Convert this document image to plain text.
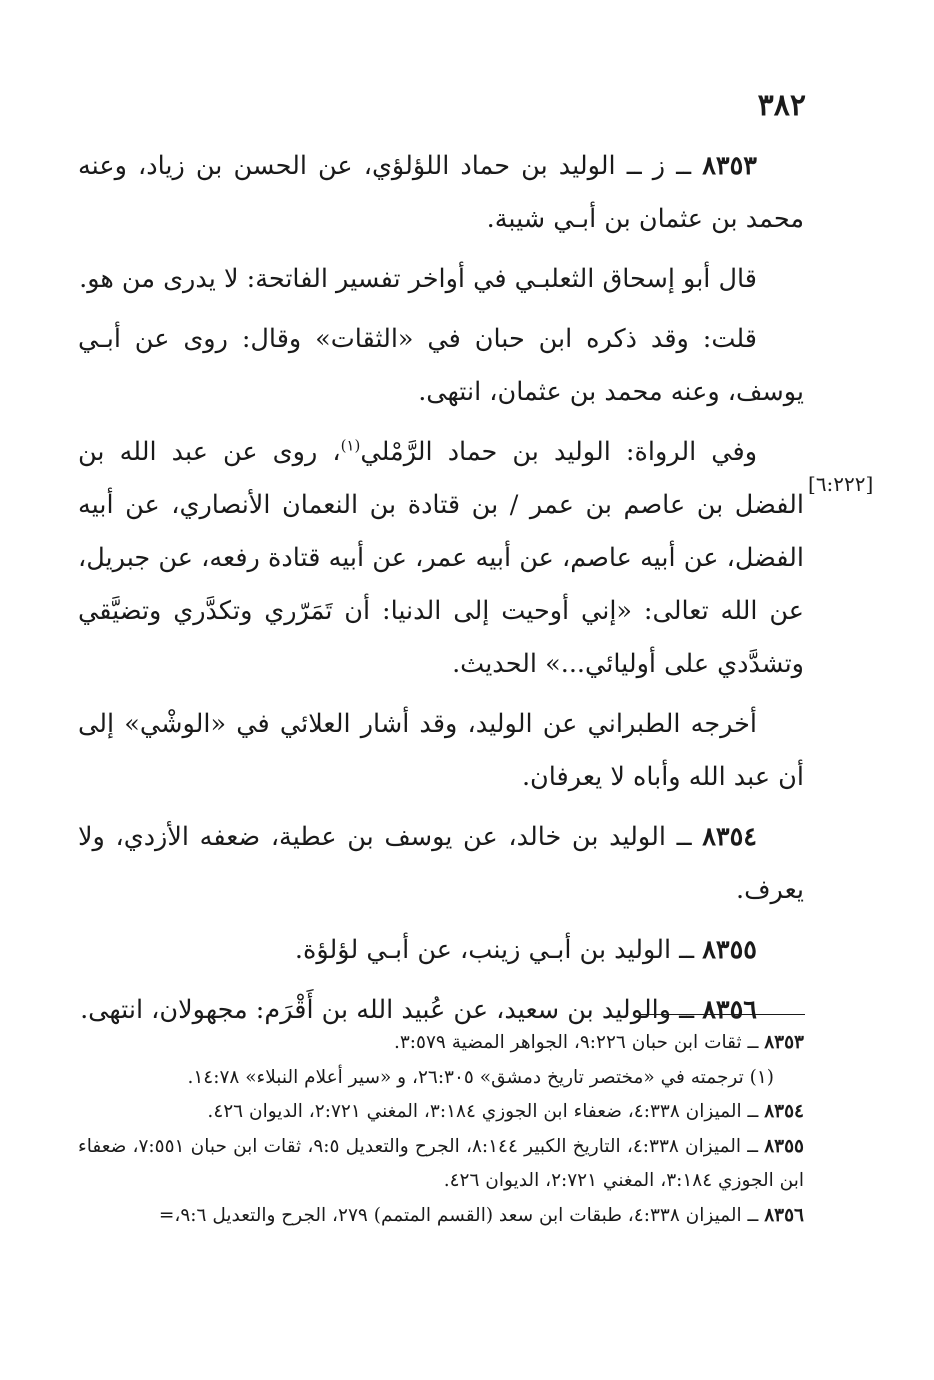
٣٨٢
[٦:٢٢٢]

٨٣٥٣ ــ ز ــ الوليد بن حماد اللؤلؤي، عن الحسن بن زياد، وعنه محمد بن عثمان بن أبـي شيبة.

قال أبو إسحاق الثعلبـي في أواخر تفسير الفاتحة: لا يدرى من هو.

قلت: وقد ذكره ابن حبان في «الثقات» وقال: روى عن أبـي يوسف، وعنه محمد بن عثمان، انتهى.

وفي الرواة: الوليد بن حماد الرَّمْلي$^{(١)}$، روى عن عبد الله بن الفضل بن عاصم بن عمر / بن قتادة بن النعمان الأنصاري، عن أبيه الفضل، عن أبيه عاصم، عن أبيه عمر، عن أبيه قتادة رفعه، عن جبريل، عن الله تعالى: «إني أوحيت إلى الدنيا: أن تَمَرّري وتكدَّري وتضيَّقي وتشدَّدي على أوليائي...» الحديث.

أخرجه الطبراني عن الوليد، وقد أشار العلائي في «الوشْي» إلى أن عبد الله وأباه لا يعرفان.

٨٣٥٤ ــ الوليد بن خالد، عن يوسف بن عطية، ضعفه الأزدي، ولا يعرف.

٨٣٥٥ ــ الوليد بن أبـي زينب، عن أبـي لؤلؤة.

٨٣٥٦ ــ والوليد بن سعيد، عن عُبيد الله بن أَقْرَم: مجهولان، انتهى.

٨٣٥٣ ــ ثقات ابن حبان ٩:٢٢٦، الجواهر المضية ٣:٥٧٩.

(١) ترجمته في «مختصر تاريخ دمشق» ٢٦:٣٠٥، و «سير أعلام النبلاء» ١٤:٧٨.

٨٣٥٤ ــ الميزان ٤:٣٣٨، ضعفاء ابن الجوزي ٣:١٨٤، المغني ٢:٧٢١، الديوان ٤٢٦.

٨٣٥٥ ــ الميزان ٤:٣٣٨، التاريخ الكبير ٨:١٤٤، الجرح والتعديل ٩:٥، ثقات ابن حبان ٧:٥٥١، ضعفاء ابن الجوزي ٣:١٨٤، المغني ٢:٧٢١، الديوان ٤٢٦.

٨٣٥٦ ــ الميزان ٤:٣٣٨، طبقات ابن سعد (القسم المتمم) ٢٧٩، الجرح والتعديل ٩:٦،=
